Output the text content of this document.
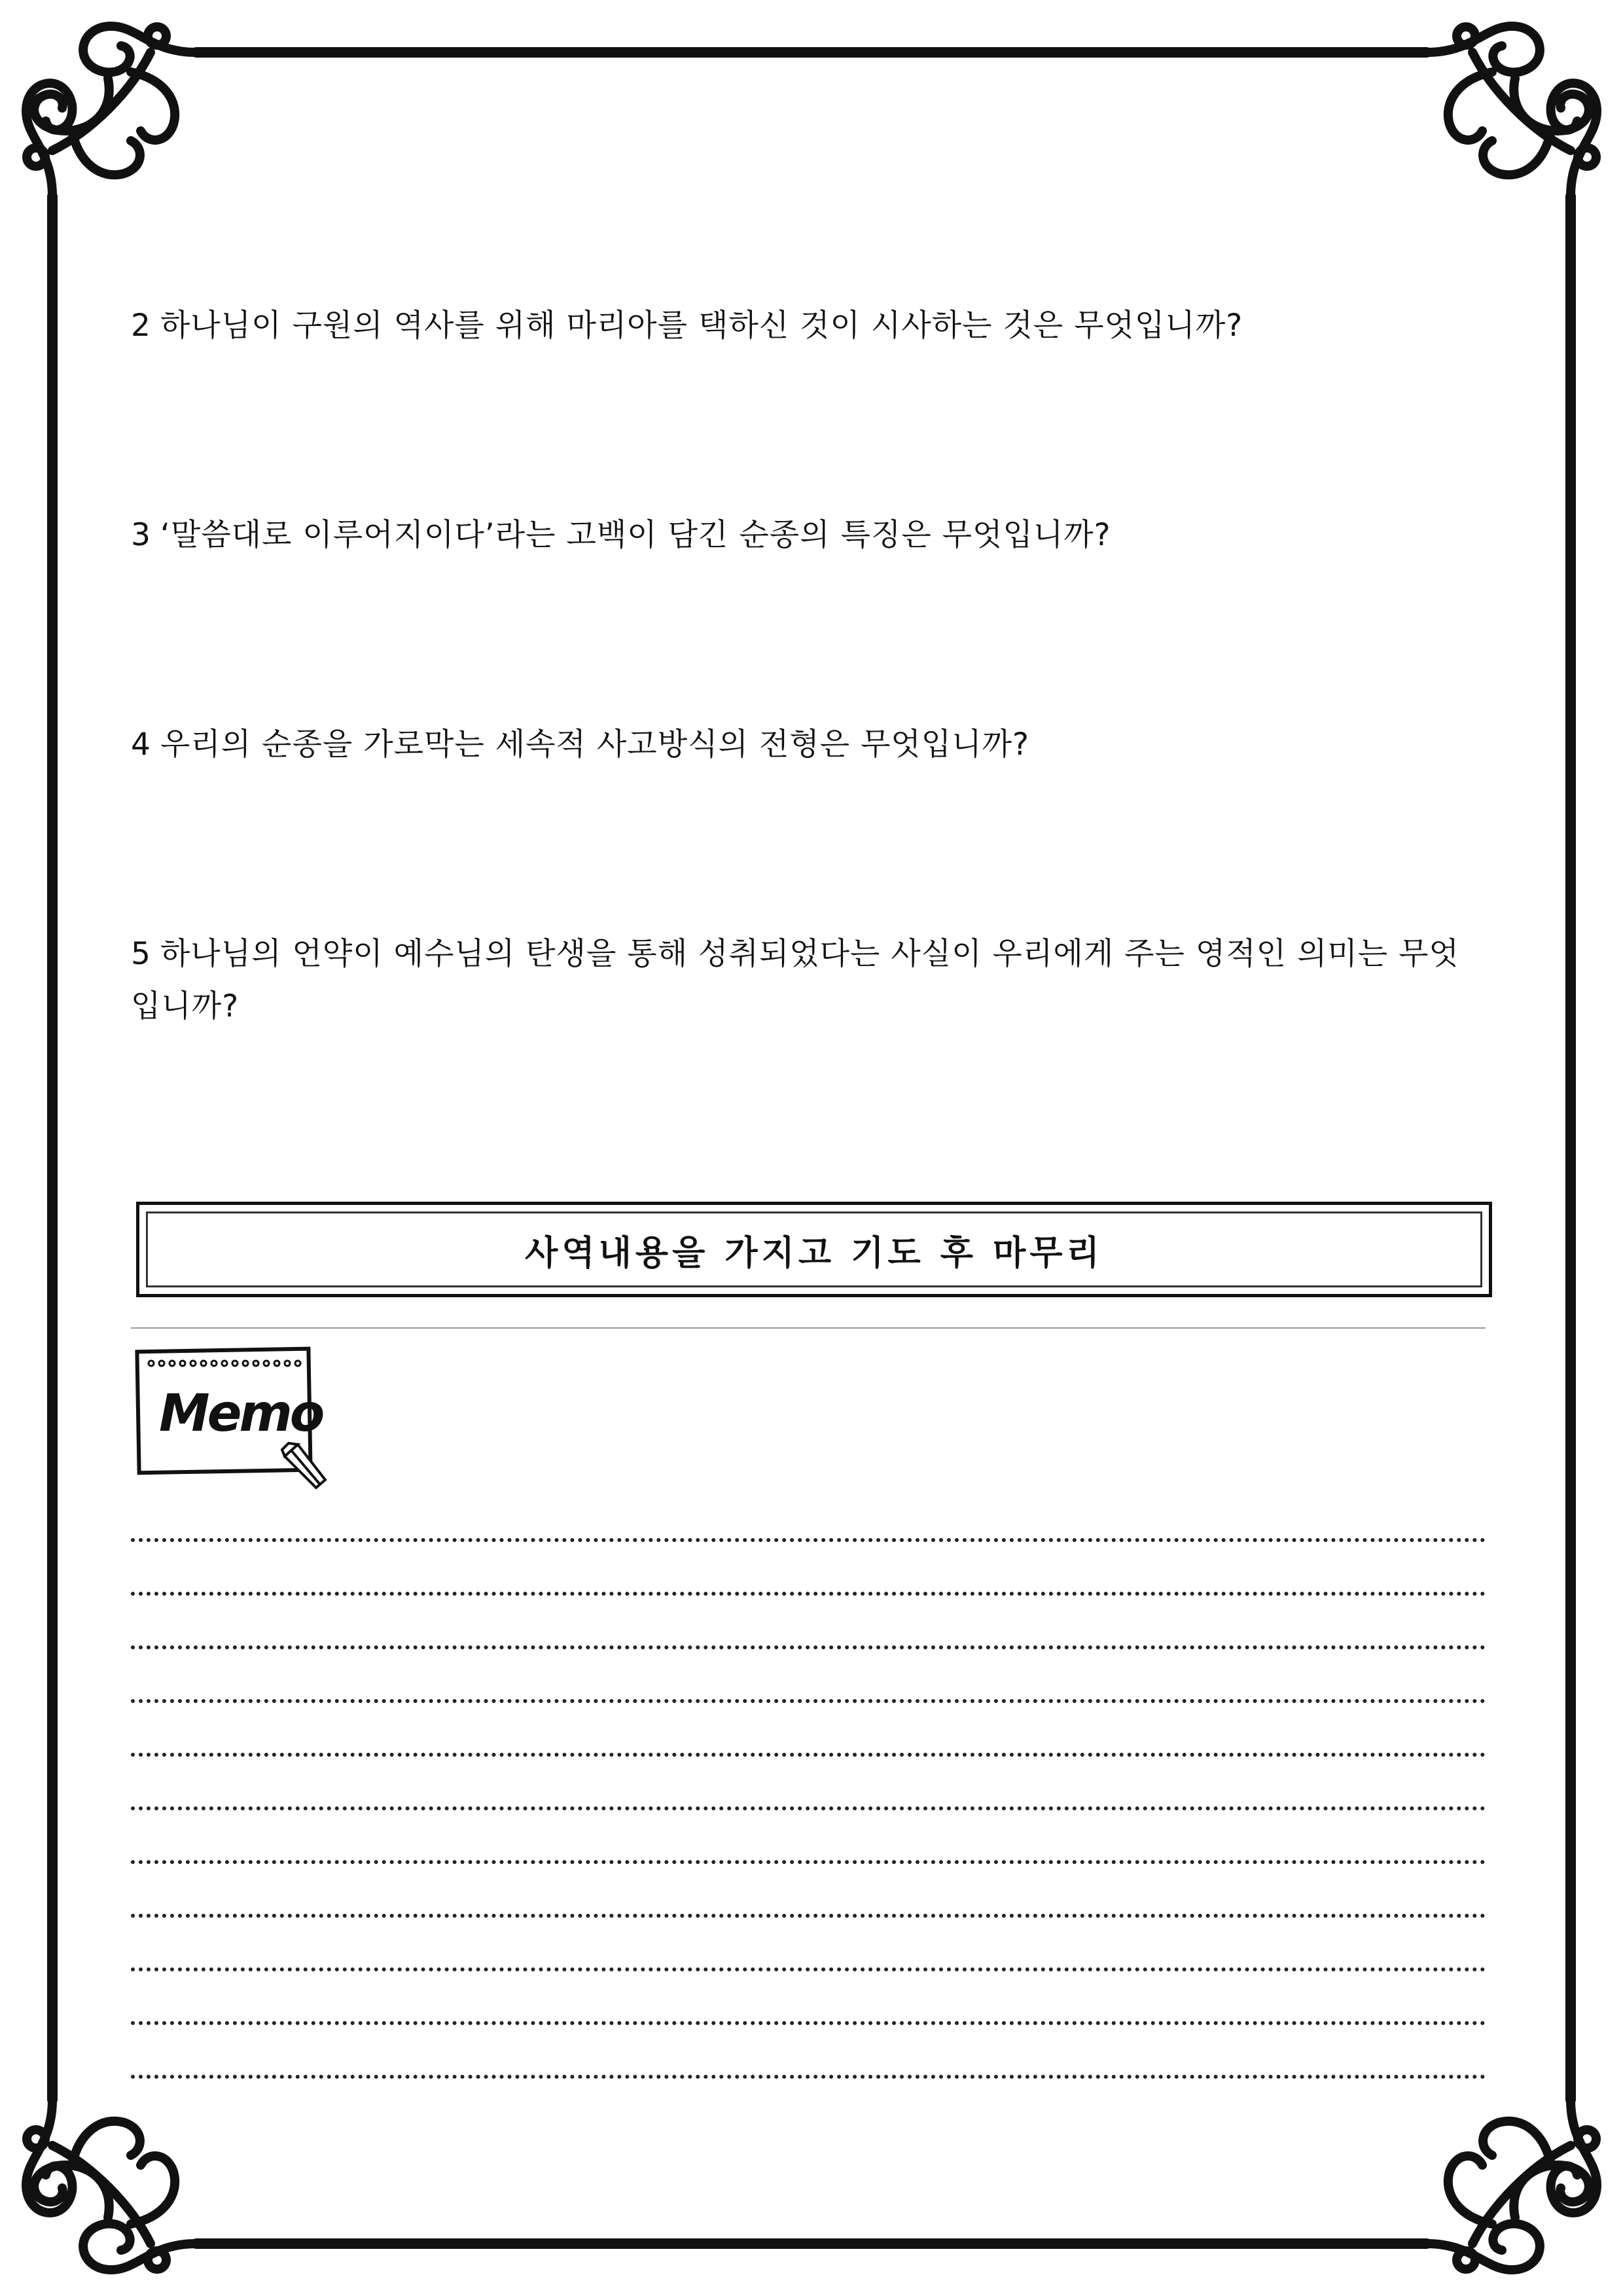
2 하나님이 구원의 역사를 위해 마리아를 택하신 것이 시사하는 것은 무엇입니까?

3 ‘말씀대로 이루어지이다’라는 고백이 담긴 순종의 특징은 무엇입니까?

4 우리의 순종을 가로막는 세속적 사고방식의 전형은 무엇입니까?

5 하나님의 언약이 예수님의 탄생을 통해 성취되었다는 사실이 우리에게 주는 영적인 의미는 무엇입니까?

사역내용을 가지고 기도 후 마무리
Memo
